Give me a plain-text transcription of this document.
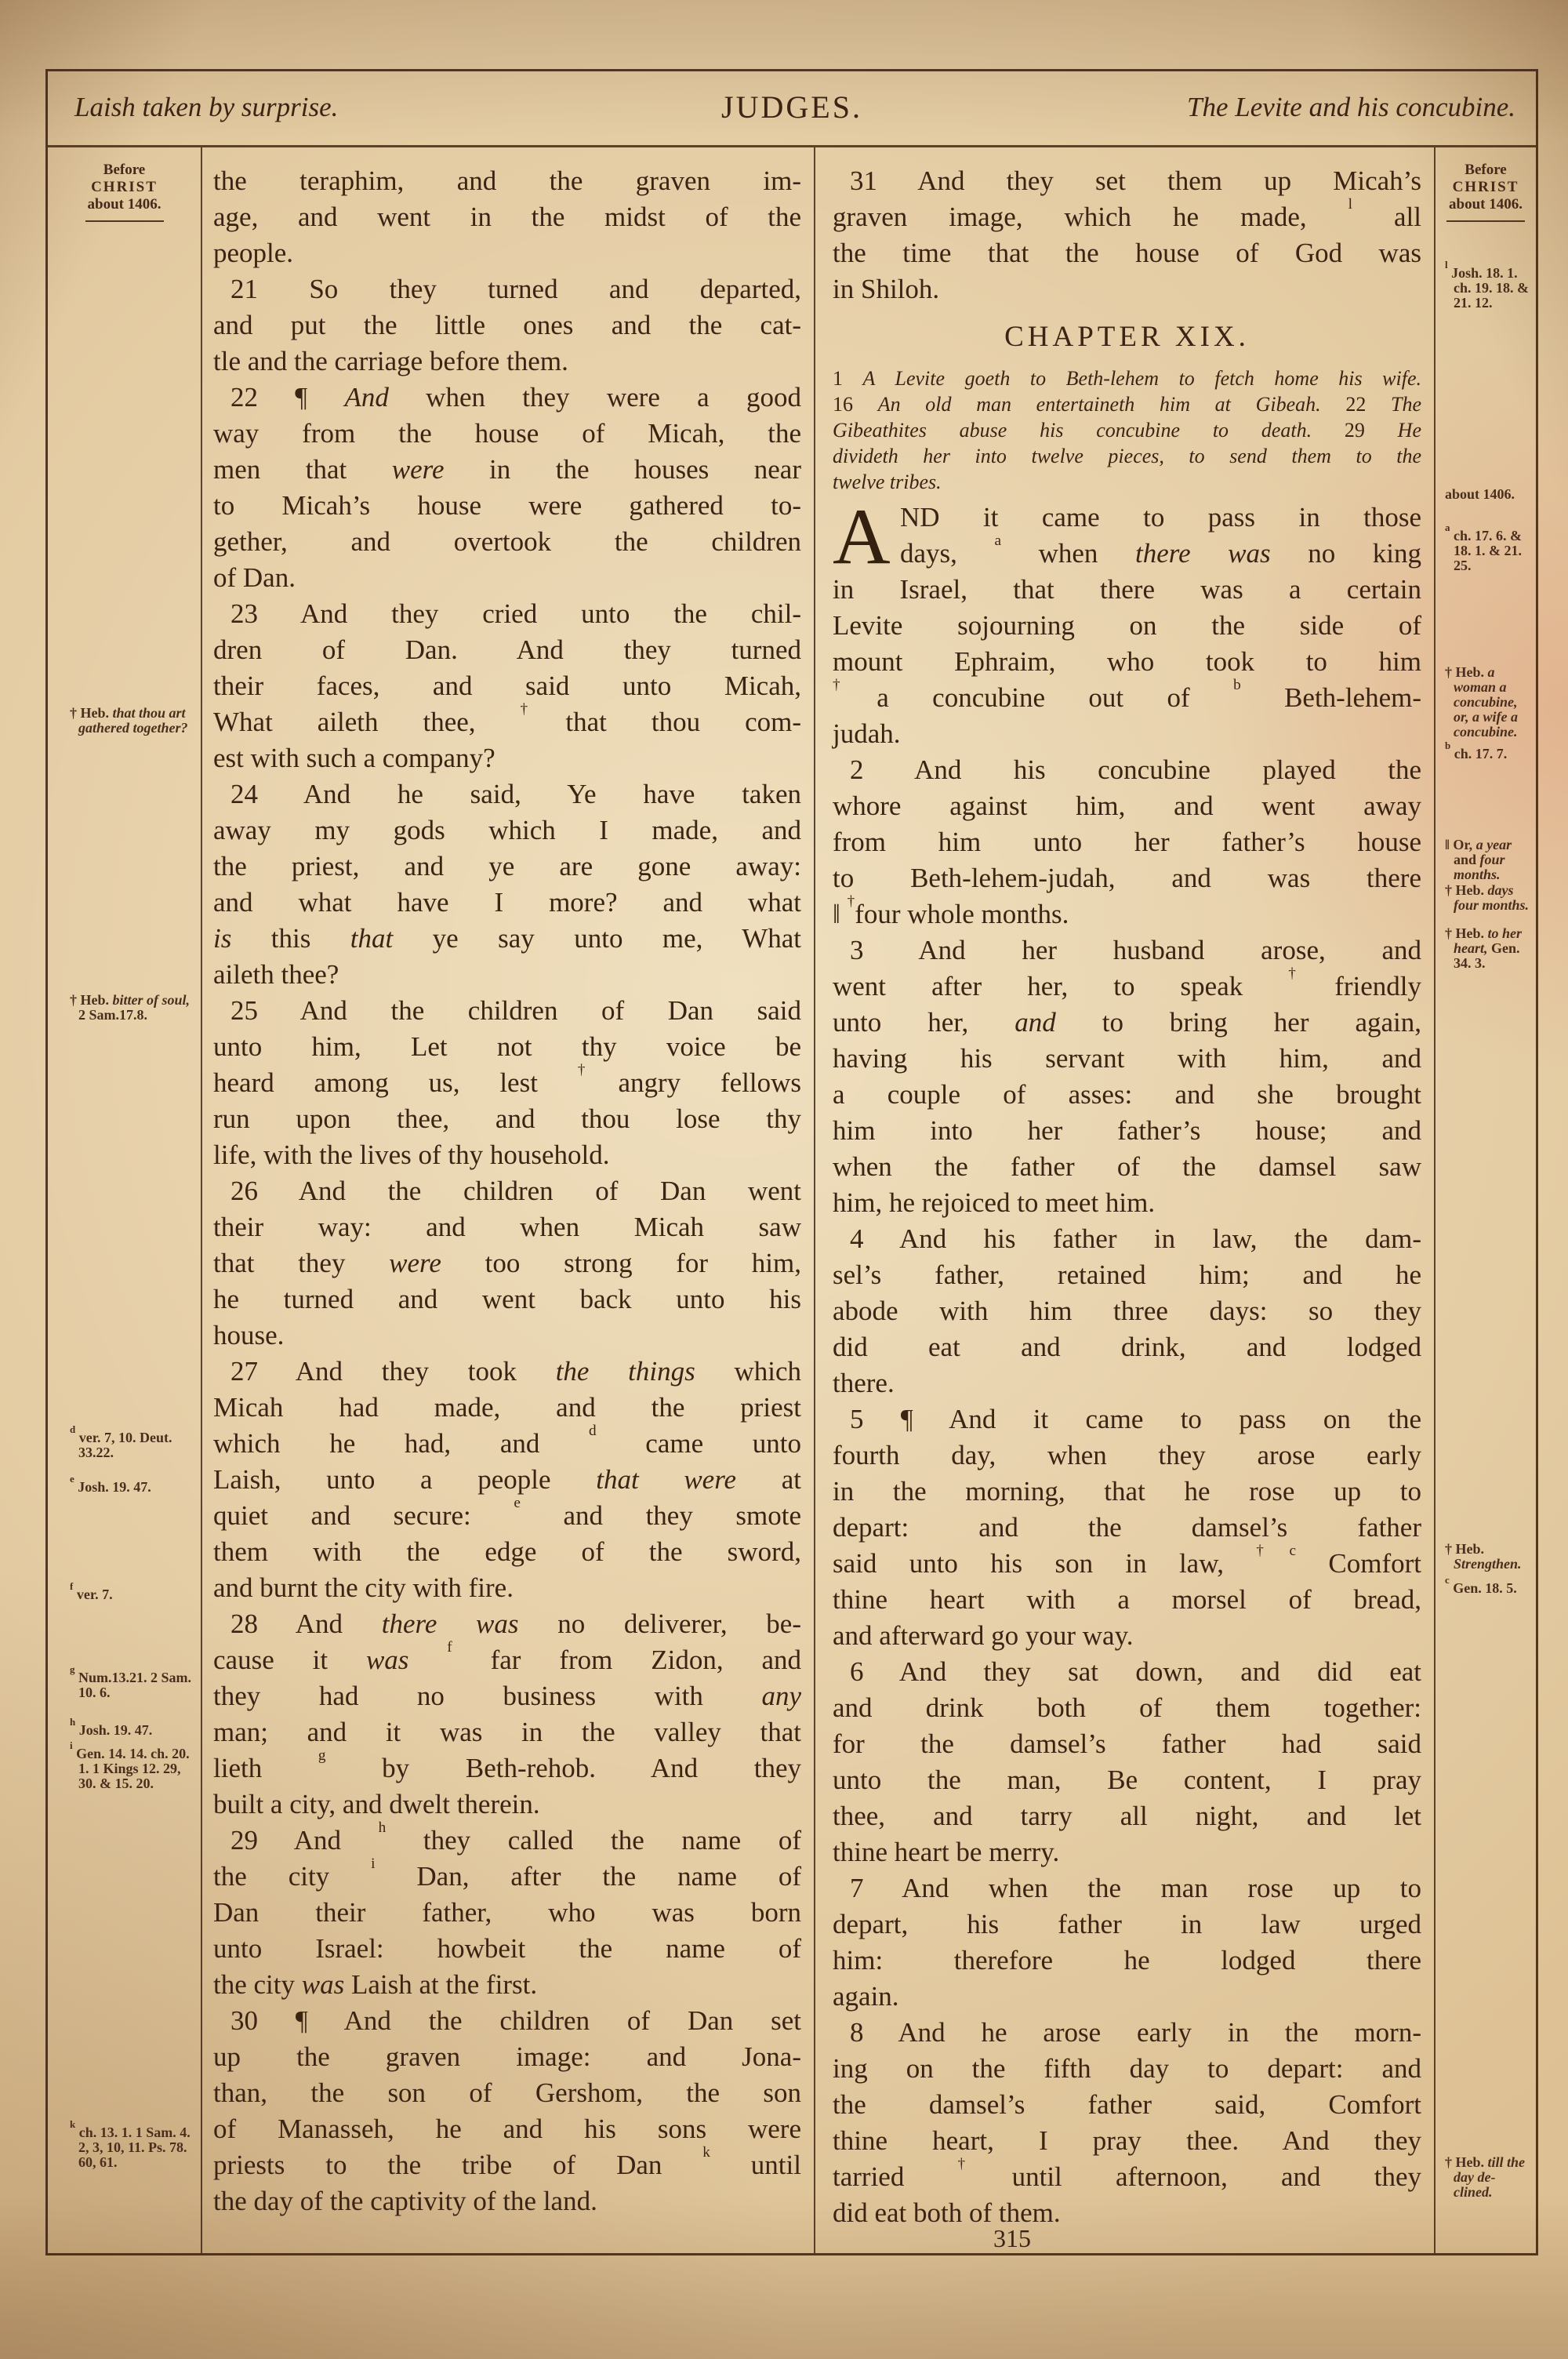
Laish taken by surprise.	JUDGES.	The Levite and his concubine.
Before
CHRIST
about 1406.
† Heb. that thou art gathered together?
† Heb. bitter of soul, 2 Sam.17.8.
$^d$ ver. 7, 10. Deut. 33.22.
$^e$ Josh. 19. 47.
$^f$ ver. 7.
$^g$ Num.13.21. 2 Sam. 10. 6.
$^h$ Josh. 19. 47.
$^i$ Gen. 14. 14. ch. 20. 1. 1 Kings 12. 29, 30. & 15. 20.
$^k$ ch. 13. 1. 1 Sam. 4. 2, 3, 10, 11. Ps. 78. 60, 61.
the teraphim, and the graven im-
age, and went in the midst of the
people.
21 So they turned and departed,
and put the little ones and the cat-
tle and the carriage before them.
22 ¶ And when they were a good
way from the house of Micah, the
men that were in the houses near
to Micah’s house were gathered to-
gether, and overtook the children
of Dan.
23 And they cried unto the chil-
dren of Dan. And they turned
their faces, and said unto Micah,
What aileth thee, †that thou com-
est with such a company?
24 And he said, Ye have taken
away my gods which I made, and
the priest, and ye are gone away:
and what have I more? and what
is this that ye say unto me, What
aileth thee?
25 And the children of Dan said
unto him, Let not thy voice be
heard among us, lest †angry fellows
run upon thee, and thou lose thy
life, with the lives of thy household.
26 And the children of Dan went
their way: and when Micah saw
that they were too strong for him,
he turned and went back unto his
house.
27 And they took the things which
Micah had made, and the priest
which he had, and $^d$ came unto
Laish, unto a people that were at
quiet and secure: $^e$ and they smote
them with the edge of the sword,
and burnt the city with fire.
28 And there was no deliverer, be-
cause it was	$^f$ far from Zidon, and
they had no business with any
man; and it was in the valley that
lieth $^g$ by Beth-rehob. And they
built a city, and dwelt therein.
29 And $^h$ they called the name of
the city $^i$ Dan, after the name of
Dan their father, who was born
unto Israel: howbeit the name of
the city was Laish at the first.
30 ¶ And the children of Dan set
up the graven image: and Jona-
than, the son of Gershom, the son
of Manasseh, he and his sons were
priests to the tribe of Dan $^k$ until
the day of the captivity of the land.
31 And they set them up Micah’s
graven image, which he made, $^l$ all
the time that the house of God was
in Shiloh.
CHAPTER XIX.
1 A Levite goeth to Beth-lehem to fetch home his wife.
16 An old man entertaineth him at Gibeah. 22 The
Gibeathites abuse his concubine to death. 29 He
divideth her into twelve pieces, to send them to the
twelve tribes.
A ND it came to pass in those
days, $^a$ when there was no king
in Israel, that there was a certain
Levite sojourning on the side of
mount Ephraim, who took to him
†a concubine out of $^b$ Beth-lehem-
judah.
2 And his concubine played the
whore against him, and went away
from him unto her father’s house
to Beth-lehem-judah, and was there
‖ †four whole months.
3 And her husband arose, and
went after her, to speak †friendly
unto her, and to bring her again,
having his servant with him, and
a couple of asses: and she brought
him into her father’s house; and
when the father of the damsel saw
him, he rejoiced to meet him.
4 And his father in law, the dam-
sel’s father, retained him; and he
abode with him three days: so they
did eat and drink, and lodged
there.
5 ¶ And it came to pass on the
fourth day, when they arose early
in the morning, that he rose up to
depart: and the damsel’s father
said unto his son in law, $^{\dagger c}$ Comfort
thine heart with a morsel of bread,
and afterward go your way.
6 And they sat down, and did eat
and drink both of them together:
for the damsel’s father had said
unto the man, Be content, I pray
thee, and tarry all night, and let
thine heart be merry.
7 And when the man rose up to
depart, his father in law urged
him: therefore he lodged there
again.
8 And he arose early in the morn-
ing on the fifth day to depart: and
the damsel’s father said, Comfort
thine heart, I pray thee. And they
tarried †until afternoon, and they
did eat both of them.
Before
CHRIST
about 1406.
$^l$ Josh. 18. 1. ch. 19. 18. & 21. 12.
about 1406.
$^a$ ch. 17. 6. & 18. 1. & 21. 25.
† Heb. a woman a concubine, or, a wife a concubine.
$^b$ ch. 17. 7.
‖ Or, a year and four months.
† Heb. days four months.
† Heb. to her heart, Gen. 34. 3.
† Heb. Strengthen.
$^c$ Gen. 18. 5.
† Heb. till the day de-clined.
315
